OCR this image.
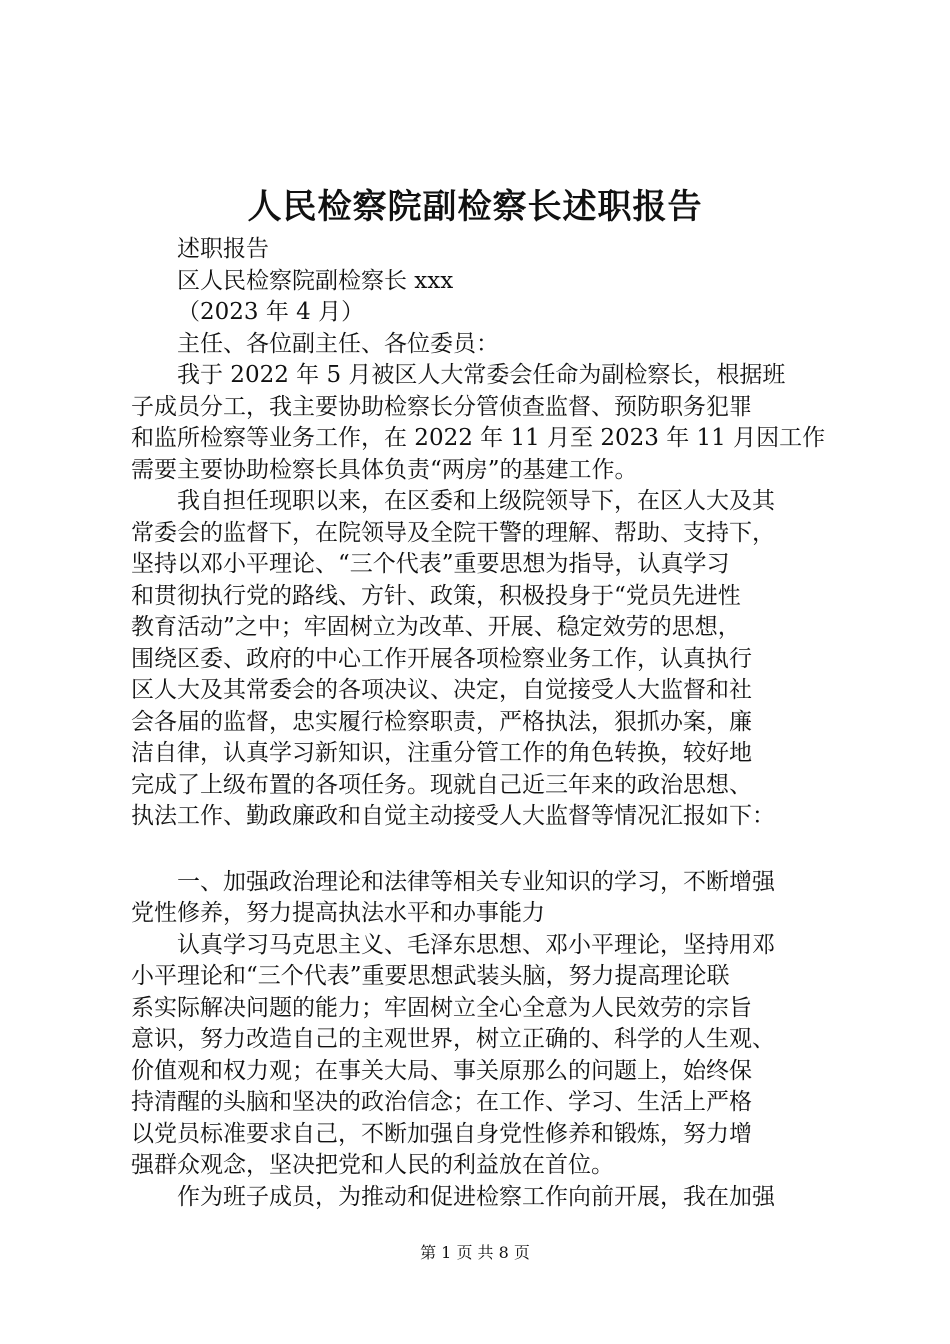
人民检察院副检察长述职报告
述职报告
区人民检察院副检察长 xxx
（2023 年 4 月）
主任、各位副主任、各位委员：
我于 2022 年 5 月被区人大常委会任命为副检察长，根据班
子成员分工，我主要协助检察长分管侦查监督、预防职务犯罪
和监所检察等业务工作，在 2022 年 11 月至 2023 年 11 月因工作
需要主要协助检察长具体负责“两房”的基建工作。
我自担任现职以来，在区委和上级院领导下，在区人大及其
常委会的监督下，在院领导及全院干警的理解、帮助、支持下，
坚持以邓小平理论、“三个代表”重要思想为指导，认真学习
和贯彻执行党的路线、方针、政策，积极投身于“党员先进性
教育活动”之中；牢固树立为改革、开展、稳定效劳的思想，
围绕区委、政府的中心工作开展各项检察业务工作，认真执行
区人大及其常委会的各项决议、决定，自觉接受人大监督和社
会各届的监督，忠实履行检察职责，严格执法，狠抓办案，廉
洁自律，认真学习新知识，注重分管工作的角色转换，较好地
完成了上级布置的各项任务。现就自己近三年来的政治思想、
执法工作、勤政廉政和自觉主动接受人大监督等情况汇报如下：
一、加强政治理论和法律等相关专业知识的学习，不断增强
党性修养，努力提高执法水平和办事能力
认真学习马克思主义、毛泽东思想、邓小平理论，坚持用邓
小平理论和“三个代表”重要思想武装头脑，努力提高理论联
系实际解决问题的能力；牢固树立全心全意为人民效劳的宗旨
意识，努力改造自己的主观世界，树立正确的、科学的人生观、
价值观和权力观；在事关大局、事关原那么的问题上，始终保
持清醒的头脑和坚决的政治信念；在工作、学习、生活上严格
以党员标准要求自己，不断加强自身党性修养和锻炼，努力增
强群众观念，坚决把党和人民的利益放在首位。
作为班子成员，为推动和促进检察工作向前开展，我在加强
第 1 页 共 8 页
